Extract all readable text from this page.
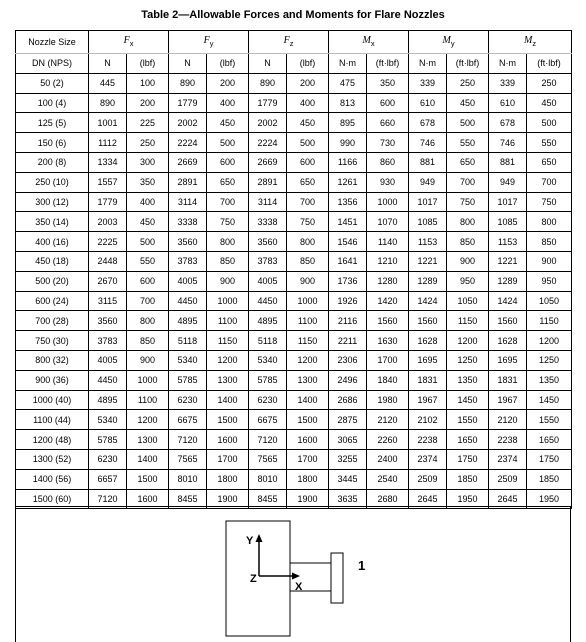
Table 2—Allowable Forces and Moments for Flare Nozzles
Nozzle Size	$F_x$		$F_y$		$F_z$		$M_x$		$M_y$		$M_z$
DN (NPS)	N	(lbf)	N	(lbf)	N	(lbf)	N·m	(ft·lbf)	N·m	(ft·lbf)	N·m	(ft·lbf)
50 (2)	445	100	890	200	890	200	475	350	339	250	339	250
100 (4)	890	200	1779	400	1779	400	813	600	610	450	610	450
125 (5)	1001	225	2002	450	2002	450	895	660	678	500	678	500
150 (6)	1112	250	2224	500	2224	500	990	730	746	550	746	550
200 (8)	1334	300	2669	600	2669	600	1166	860	881	650	881	650
250 (10)	1557	350	2891	650	2891	650	1261	930	949	700	949	700
300 (12)	1779	400	3114	700	3114	700	1356	1000	1017	750	1017	750
350 (14)	2003	450	3338	750	3338	750	1451	1070	1085	800	1085	800
400 (16)	2225	500	3560	800	3560	800	1546	1140	1153	850	1153	850
450 (18)	2448	550	3783	850	3783	850	1641	1210	1221	900	1221	900
500 (20)	2670	600	4005	900	4005	900	1736	1280	1289	950	1289	950
600 (24)	3115	700	4450	1000	4450	1000	1926	1420	1424	1050	1424	1050
700 (28)	3560	800	4895	1100	4895	1100	2116	1560	1560	1150	1560	1150
750 (30)	3783	850	5118	1150	5118	1150	2211	1630	1628	1200	1628	1200
800 (32)	4005	900	5340	1200	5340	1200	2306	1700	1695	1250	1695	1250
900 (36)	4450	1000	5785	1300	5785	1300	2496	1840	1831	1350	1831	1350
1000 (40)	4895	1100	6230	1400	6230	1400	2686	1980	1967	1450	1967	1450
1100 (44)	5340	1200	6675	1500	6675	1500	2875	2120	2102	1550	2120	1550
1200 (48)	5785	1300	7120	1600	7120	1600	3065	2260	2238	1650	2238	1650
1300 (52)	6230	1400	7565	1700	7565	1700	3255	2400	2374	1750	2374	1750
1400 (56)	6657	1500	8010	1800	8010	1800	3445	2540	2509	1850	2509	1850
1500 (60)	7120	1600	8455	1900	8455	1900	3635	2680	2645	1950	2645	1950
Y
Z
X
1
